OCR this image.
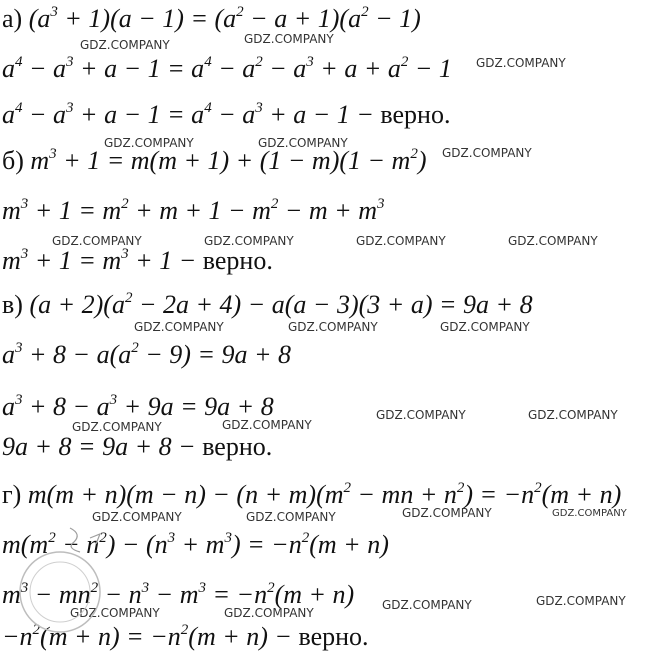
а) $(a^3 + 1)(a - 1) = (a^2 - a + 1)(a^2 - 1)$
$a^4 - a^3 + a - 1 = a^4 - a^2 - a^3 + a + a^2 - 1$
$a^4 - a^3 + a - 1 = a^4 - a^3 + a - 1$ − верно.
б) $m^3 + 1 = m(m + 1) + (1 - m)(1 - m^2)$
$m^3 + 1 = m^2 + m + 1 - m^2 - m + m^3$
$m^3 + 1 = m^3 + 1$ − верно.
в) $(a + 2)(a^2 - 2a + 4) - a(a - 3)(3 + a) = 9a + 8$
$a^3 + 8 - a(a^2 - 9) = 9a + 8$
$a^3 + 8 - a^3 + 9a = 9a + 8$
9a + 8 = 9a + 8 − верно.
г) $m(m + n)(m - n) - (n + m)(m^2$ − mn + $n^2) = -n^2(m + n)$
$m(m^2 - n^2) - (n^3 + m^3) = -n^2(m + n)$
$m^3 - mn^2 - n^3 - m^3 = -n^2(m + n)$
$-n^2(m + n) = -n^2(m + n)$ − верно.
GDZ.COMPANY	GDZ.COMPANY
GDZ.COMPANY
GDZ.COMPANY	GDZ.COMPANY
GDZ.COMPANY
GDZ.COMPANY	GDZ.COMPANY	GDZ.COMPANY	GDZ.COMPANY
GDZ.COMPANY	GDZ.COMPANY	GDZ.COMPANY
GDZ.COMPANY	GDZ.COMPANY
GDZ.COMPANY	GDZ.COMPANY
GDZ.COMPANY	GDZ.COMPANY
GDZ.COMPANY	GDZ.COMPANY
GDZ.COMPANY	GDZ.COMPANY
GDZ.COMPANY	GDZ.COMPANY
